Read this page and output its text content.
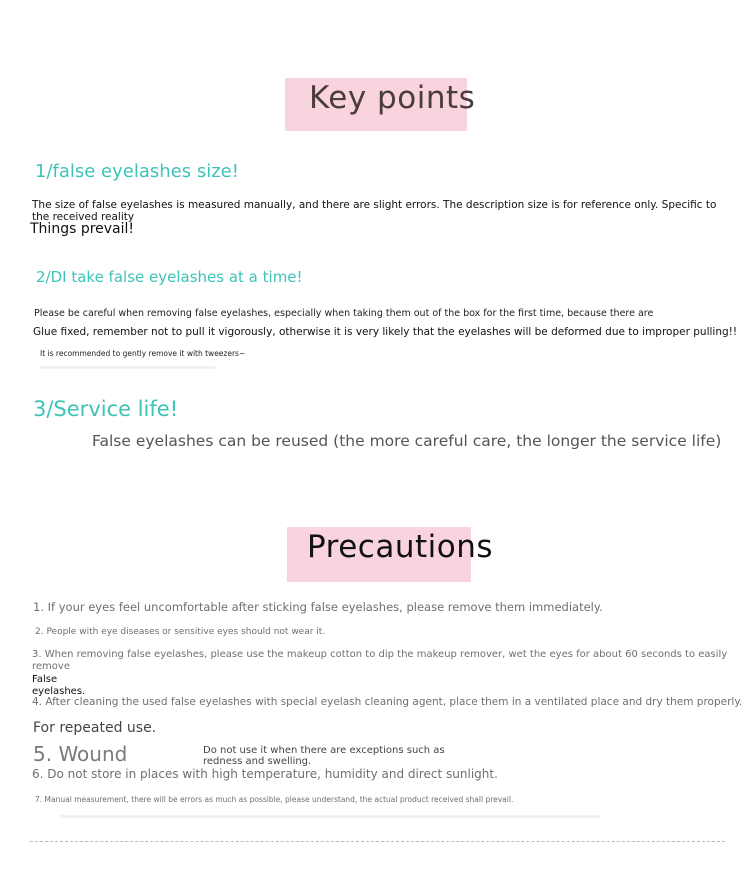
Key points
1/false eyelashes size!
The size of false eyelashes is measured manually, and there are slight errors. The description size is for reference only. Specific to the received reality
Things prevail!
2/DI take false eyelashes at a time!
Please be careful when removing false eyelashes, especially when taking them out of the box for the first time, because there are
Glue fixed, remember not to pull it vigorously, otherwise it is very likely that the eyelashes will be deformed due to improper pulling!!
It is recommended to gently remove it with tweezers~
3/Service life!
False eyelashes can be reused (the more careful care, the longer the service life)
Precautions
1. If your eyes feel uncomfortable after sticking false eyelashes, please remove them immediately.
2. People with eye diseases or sensitive eyes should not wear it.
3. When removing false eyelashes, please use the makeup cotton to dip the makeup remover, wet the eyes for about 60 seconds to easily remove
False
eyelashes.
4. After cleaning the used false eyelashes with special eyelash cleaning agent, place them in a ventilated place and dry them properly.
For repeated use.
5. Wound	Do not use it when there are exceptions such as redness and swelling.
6. Do not store in places with high temperature, humidity and direct sunlight.
7. Manual measurement, there will be errors as much as possible, please understand, the actual product received shall prevail.
